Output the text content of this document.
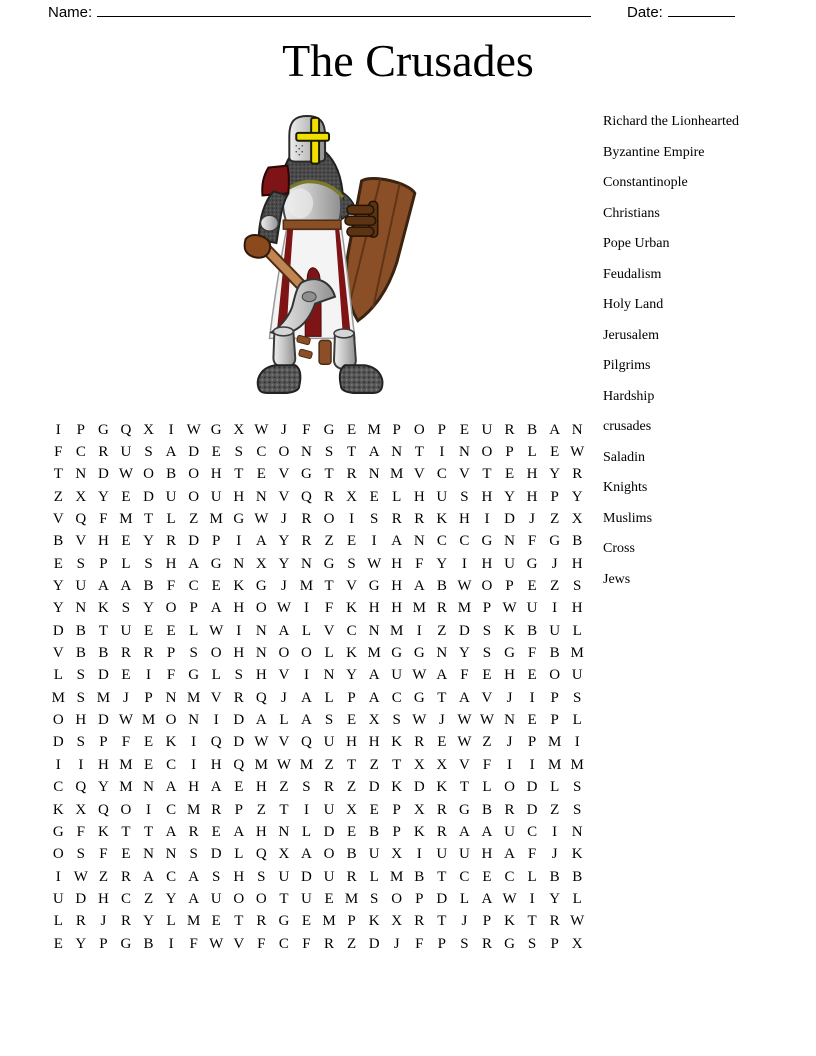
Name:	Date:
The Crusades
Richard the Lionhearted
Byzantine Empire
Constantinople
Christians
Pope Urban
Feudalism
Holy Land
Jerusalem
Pilgrims
Hardship
crusades
Saladin
Knights
Muslims
Cross
Jews
I	P G Q X I W G X W J	F G E M P O P E U R B A N
F C R U S A D E S C O N S T A N T	I N O P L E W
T N D W O B O H T E V G T R N M V C V T E H Y R
Z X Y E D U O U H N V Q R X E L H U S H Y H P Y
V Q F M T L Z M G W J R O I	S R R K H I D J	Z X
B V H E Y R D P	I A Y R Z E	I A N C C G N F G B
E S P L S H A G N X Y N G S W H F Y I H U G J H
Y U A A B F C E K G J M T V G H A B W O P E Z S
Y N K S Y O P A H O W I	F K H H M R M P W U I H
D B T U E E L W I N A L V C N M I	Z D S K B U L
V B B R R P S O H N O O L K M G G N Y S G F B M
L S D E	I	F G L S H V I N Y A U W A F E H E O U
M S M J	P N M V R Q J A L P A C G T A V J	I	P S
O H D W M O N I D A L A S E X S W J W W N E P L
D S P F E K I Q D W V Q U H H K R E W Z	J	P M I
I	I H M E C	I H Q M W M Z T Z T X X V F	I	I M M
C Q Y M N A H A E H Z S R Z D K D K T L O D L S
K X Q O I	C M R P Z T	I U X E P X R G B R D Z S
G F K T T A R E A H N L D E B P K R A A U C	I N
O S F E N N S D L Q X A O B U X I U U H A F	J K
I W Z R A C A S H S U D U R L M B T C E C L B B
U D H C Z Y A U O O T U E M S O P D L A W I Y L
L R J R Y L M E T R G E M P K X R T	J	P K T R W
E Y P G B	I	F W V F C F R Z D J	F P S R G S P X
